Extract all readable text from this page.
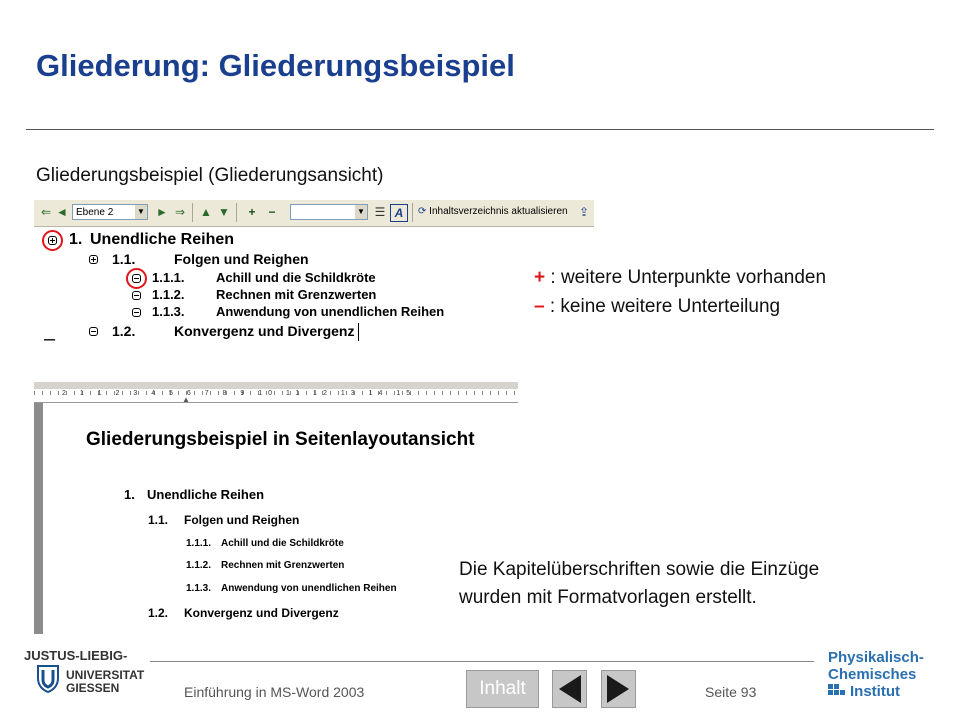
Gliederung: Gliederungsbeispiel
Gliederungsbeispiel (Gliederungsansicht)
⇐ ◄ Ebene 2	▼ ► ⇒ ▲ ▼	+	−	▼ ☰ A	⟳ Inhaltsverzeichnis aktualisieren ⇪
1. Unendliche Reihen
1.1.	Folgen und Reighen
1.1.1. Achill und die Schildkröte
1.1.2. Rechnen mit Grenzwerten
1.1.3. Anwendung von unendlichen Reihen
1.2.	Konvergenz und Divergenz
–
+ : weitere Unterpunkte vorhanden
– : keine weitere Unterteilung
2 1 1 2 3 4 5 6 7 8 9 10 11 12 13 14 15
▲
Gliederungsbeispiel in Seitenlayoutansicht
1. Unendliche Reihen
1.1. Folgen und Reighen
1.1.1. Achill und die Schildkröte
1.1.2. Rechnen mit Grenzwerten
1.1.3. Anwendung von unendlichen Reihen
1.2. Konvergenz und Divergenz
Die Kapitelüberschriften sowie die Einzüge
wurden mit Formatvorlagen erstellt.
JUSTUS-LIEBIG-
UNIVERSITAT
GIESSEN
Physikalisch-
Chemisches
Institut
Einführung in MS-Word 2003	Seite 93
Inhalt
